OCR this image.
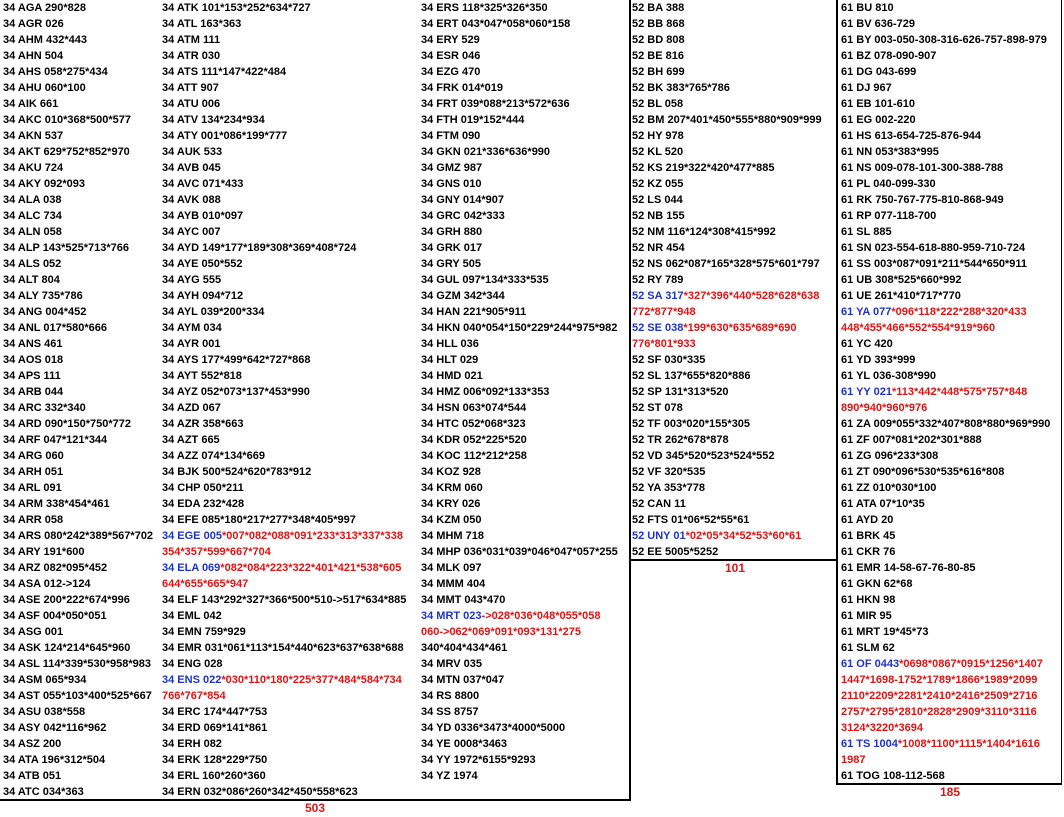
34 AGA 290*828
34 AGR 026
34 AHM 432*443
34 AHN 504
34 AHS 058*275*434
34 AHU 060*100
34 AIK 661
34 AKC 010*368*500*577
34 AKN 537
34 AKT 629*752*852*970
34 AKU 724
34 AKY 092*093
34 ALA 038
34 ALC 734
34 ALN 058
34 ALP 143*525*713*766
34 ALS 052
34 ALT 804
34 ALY 735*786
34 ANG 004*452
34 ANL 017*580*666
34 ANS 461
34 AOS 018
34 APS 111
34 ARB 044
34 ARC 332*340
34 ARD 090*150*750*772
34 ARF 047*121*344
34 ARG 060
34 ARH 051
34 ARL 091
34 ARM 338*454*461
34 ARR 058
34 ARS 080*242*389*567*702
34 ARY 191*600
34 ARZ 082*095*452
34 ASA 012->124
34 ASE 200*222*674*996
34 ASF 004*050*051
34 ASG 001
34 ASK 124*214*645*960
34 ASL 114*339*530*958*983
34 ASM 065*934
34 AST 055*103*400*525*667
34 ASU 038*558
34 ASY 042*116*962
34 ASZ 200
34 ATA 196*312*504
34 ATB 051
34 ATC 034*363
34 ATK 101*153*252*634*727
34 ATL 163*363
34 ATM 111
34 ATR 030
34 ATS 111*147*422*484
34 ATT 907
34 ATU 006
34 ATV 134*234*934
34 ATY 001*086*199*777
34 AUK 533
34 AVB 045
34 AVC 071*433
34 AVK 088
34 AYB 010*097
34 AYC 007
34 AYD 149*177*189*308*369*408*724
34 AYE 050*552
34 AYG 555
34 AYH 094*712
34 AYL 039*200*334
34 AYM 034
34 AYR 001
34 AYS 177*499*642*727*868
34 AYT 552*818
34 AYZ 052*073*137*453*990
34 AZD 067
34 AZR 358*663
34 AZT 665
34 AZZ 074*134*669
34 BJK 500*524*620*783*912
34 CHP 050*211
34 EDA 232*428
34 EFE 085*180*217*277*348*405*997
34 EGE 005*007*082*088*091*233*313*337*338
354*357*599*667*704
34 ELA 069*082*084*223*322*401*421*538*605
644*655*665*947
34 ELF 143*292*327*366*500*510->517*634*885
34 EML 042
34 EMN 759*929
34 EMR 031*061*113*154*440*623*637*638*688
34 ENG 028
34 ENS 022*030*110*180*225*377*484*584*734
766*767*854
34 ERC 174*447*753
34 ERD 069*141*861
34 ERH 082
34 ERK 128*229*750
34 ERL 160*260*360
34 ERN 032*086*260*342*450*558*623
34 ERS 118*325*326*350
34 ERT 043*047*058*060*158
34 ERY 529
34 ESR 046
34 EZG 470
34 FRK 014*019
34 FRT 039*088*213*572*636
34 FTH 019*152*444
34 FTM 090
34 GKN 021*336*636*990
34 GMZ 987
34 GNS 010
34 GNY 014*907
34 GRC 042*333
34 GRH 880
34 GRK 017
34 GRY 505
34 GUL 097*134*333*535
34 GZM 342*344
34 HAN 221*905*911
34 HKN 040*054*150*229*244*975*982
34 HLL 036
34 HLT 029
34 HMD 021
34 HMZ 006*092*133*353
34 HSN 063*074*544
34 HTC 052*068*323
34 KDR 052*225*520
34 KOC 112*212*258
34 KOZ 928
34 KRM 060
34 KRY 026
34 KZM 050
34 MHM 718
34 MHP 036*031*039*046*047*057*255
34 MLK 097
34 MMM 404
34 MMT 043*470
34 MRT 023->028*036*048*055*058
060->062*069*091*093*131*275
340*404*434*461
34 MRV 035
34 MTN 037*047
34 RS 8800
34 SS 8757
34 YD 0336*3473*4000*5000
34 YE 0008*3463
34 YY 1972*6155*9293
34 YZ 1974
52 BA 388
52 BB 868
52 BD 808
52 BE 816
52 BH 699
52 BK 383*765*786
52 BL 058
52 BM 207*401*450*555*880*909*999
52 HY 978
52 KL 520
52 KS 219*322*420*477*885
52 KZ 055
52 LS 044
52 NB 155
52 NM 116*124*308*415*992
52 NR 454
52 NS 062*087*165*328*575*601*797
52 RY 789
52 SA 317*327*396*440*528*628*638
772*877*948
52 SE 038*199*630*635*689*690
776*801*933
52 SF 030*335
52 SL 137*655*820*886
52 SP 131*313*520
52 ST 078
52 TF 003*020*155*305
52 TR 262*678*878
52 VD 345*520*523*524*552
52 VF 320*535
52 YA 353*778
52 CAN 11
52 FTS 01*06*52*55*61
52 UNY 01*02*05*34*52*53*60*61
52 EE 5005*5252
61 BU 810
61 BV 636-729
61 BY 003-050-308-316-626-757-898-979
61 BZ 078-090-907
61 DG 043-699
61 DJ 967
61 EB 101-610
61 EG 002-220
61 HS 613-654-725-876-944
61 NN 053*383*995
61 NS 009-078-101-300-388-788
61 PL 040-099-330
61 RK 750-767-775-810-868-949
61 RP 077-118-700
61 SL 885
61 SN 023-554-618-880-959-710-724
61 SS 003*087*091*211*544*650*911
61 UB 308*525*660*992
61 UE 261*410*717*770
61 YA 077*096*118*222*288*320*433
448*455*466*552*554*919*960
61 YC 420
61 YD 393*999
61 YL 036-308*990
61 YY 021*113*442*448*575*757*848
890*940*960*976
61 ZA 009*055*332*407*808*880*969*990
61 ZF 007*081*202*301*888
61 ZG 096*233*308
61 ZT 090*096*530*535*616*808
61 ZZ 010*030*100
61 ATA 07*10*35
61 AYD 20
61 BRK 45
61 CKR 76
61 EMR 14-58-67-76-80-85
61 GKN 62*68
61 HKN 98
61 MIR 95
61 MRT 19*45*73
61 SLM 62
61 OF 0443*0698*0867*0915*1256*1407
1447*1698-1752*1789*1866*1989*2099
2110*2209*2281*2410*2416*2509*2716
2757*2795*2810*2828*2909*3110*3116
3124*3220*3694
61 TS 1004*1008*1100*1115*1404*1616
1987
61 TOG 108-112-568
503
101
185
